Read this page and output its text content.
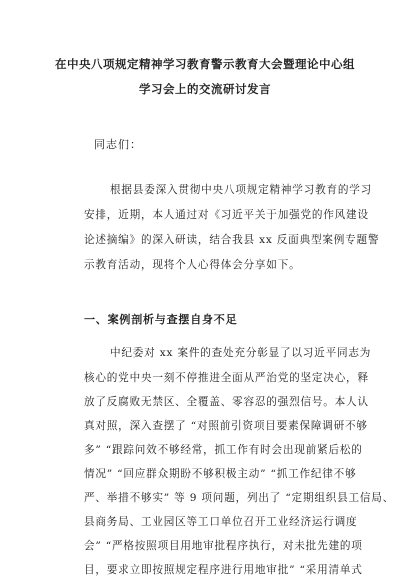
在中央八项规定精神学习教育警示教育大会暨理论中心组
学习会上的交流研讨发言
同志们：
根据县委深入贯彻中央八项规定精神学习教育的学习
安排，近期，本人通过对《习近平关于加强党的作风建设
论述摘编》的深入研读，结合我县 xx 反面典型案例专题警
示教育活动，现将个人心得体会分享如下。
一、案例剖析与查摆自身不足
中纪委对 xx 案件的查处充分彰显了以习近平同志为
核心的党中央一刻不停推进全面从严治党的坚定决心，释
放了反腐败无禁区、全覆盖、零容忍的强烈信号。本人认
真对照，深入查摆了 “对照前引资项目要素保障调研不够
多” “跟踪问效不够经常，抓工作有时会出现前紧后松的
情况” “回应群众期盼不够积极主动” “抓工作纪律不够
严、举措不够实” 等 9 项问题，列出了 “定期组织县工信局、
县商务局、工业园区等工口单位召开工业经济运行调度
会” “严格按照项目用地审批程序执行，对未批先建的项
目，要求立即按照规定程序进行用地审批” “采用清单式
